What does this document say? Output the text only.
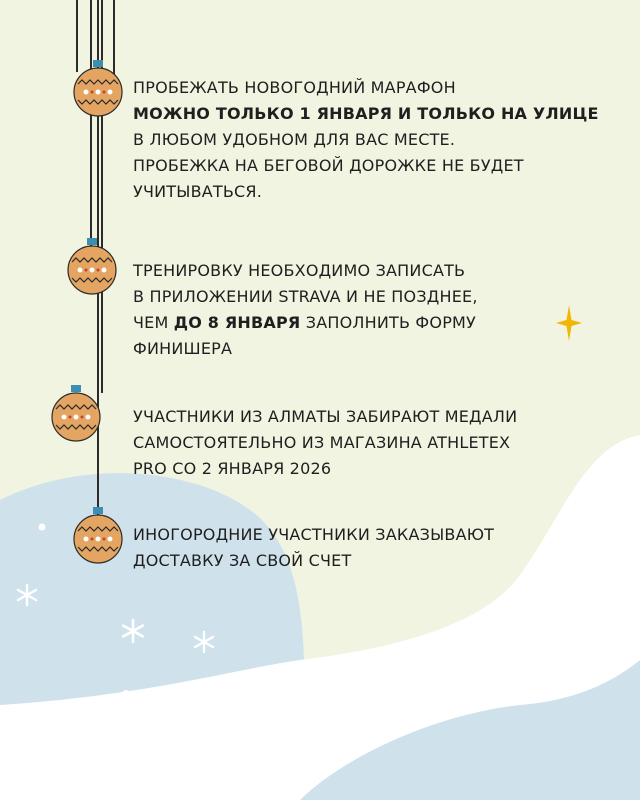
ПРОБЕЖАТЬ НОВОГОДНИЙ МАРАФОН
МОЖНО ТОЛЬКО 1 ЯНВАРЯ И ТОЛЬКО НА УЛИЦЕ
В ЛЮБОМ УДОБНОМ ДЛЯ ВАС МЕСТЕ.
ПРОБЕЖКА НА БЕГОВОЙ ДОРОЖКЕ НЕ БУДЕТ
УЧИТЫВАТЬСЯ.
ТРЕНИРОВКУ НЕОБХОДИМО ЗАПИСАТЬ
В ПРИЛОЖЕНИИ STRAVA И НЕ ПОЗДНЕЕ,
ЧЕМ ДО 8 ЯНВАРЯ ЗАПОЛНИТЬ ФОРМУ
ФИНИШЕРА
УЧАСТНИКИ ИЗ АЛМАТЫ ЗАБИРАЮТ МЕДАЛИ
САМОСТОЯТЕЛЬНО ИЗ МАГАЗИНА ATHLETEX
PRO СО 2 ЯНВАРЯ 2026
ИНОГОРОДНИЕ УЧАСТНИКИ ЗАКАЗЫВАЮТ
ДОСТАВКУ ЗА СВОЙ СЧЕТ
